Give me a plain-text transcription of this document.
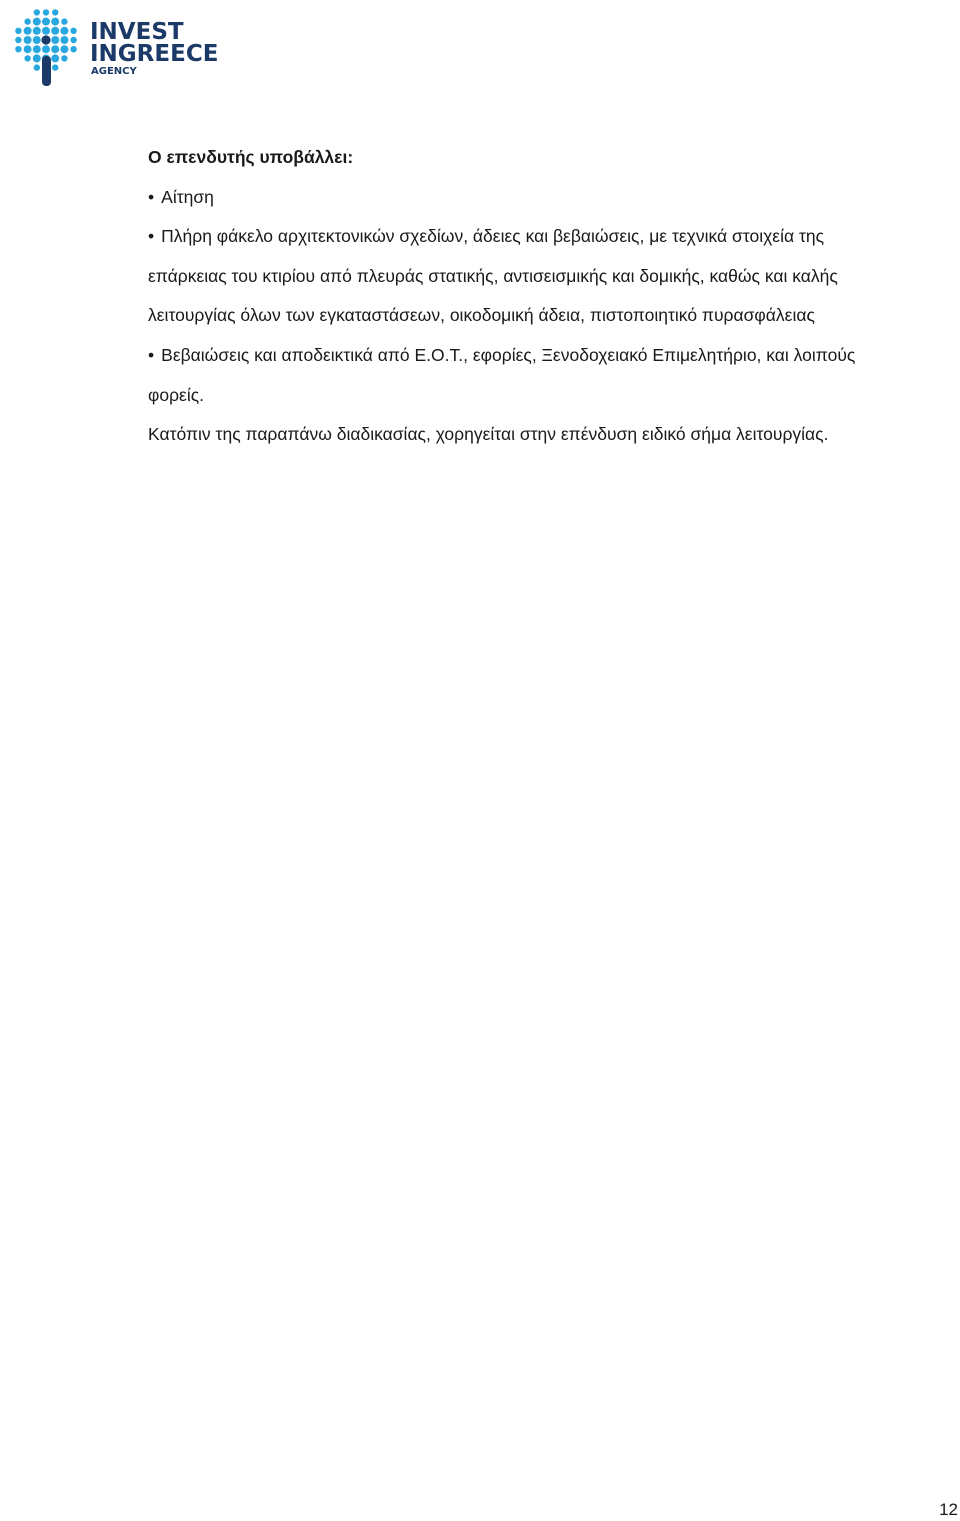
INVEST
INGREECE
AGENCY
Ο επενδυτής υποβάλλει:
• Αίτηση
• Πλήρη φάκελο αρχιτεκτονικών σχεδίων, άδειες και βεβαιώσεις, με τεχνικά στοιχεία της
επάρκειας του κτιρίου από πλευράς στατικής, αντισεισμικής και δομικής, καθώς και καλής
λειτουργίας όλων των εγκαταστάσεων, οικοδομική άδεια, πιστοποιητικό πυρασφάλειας
• Βεβαιώσεις και αποδεικτικά από Ε.Ο.Τ., εφορίες, Ξενοδοχειακό Επιμελητήριο, και λοιπούς
φορείς.
Κατόπιν της παραπάνω διαδικασίας, χορηγείται στην επένδυση ειδικό σήμα λειτουργίας.
12
